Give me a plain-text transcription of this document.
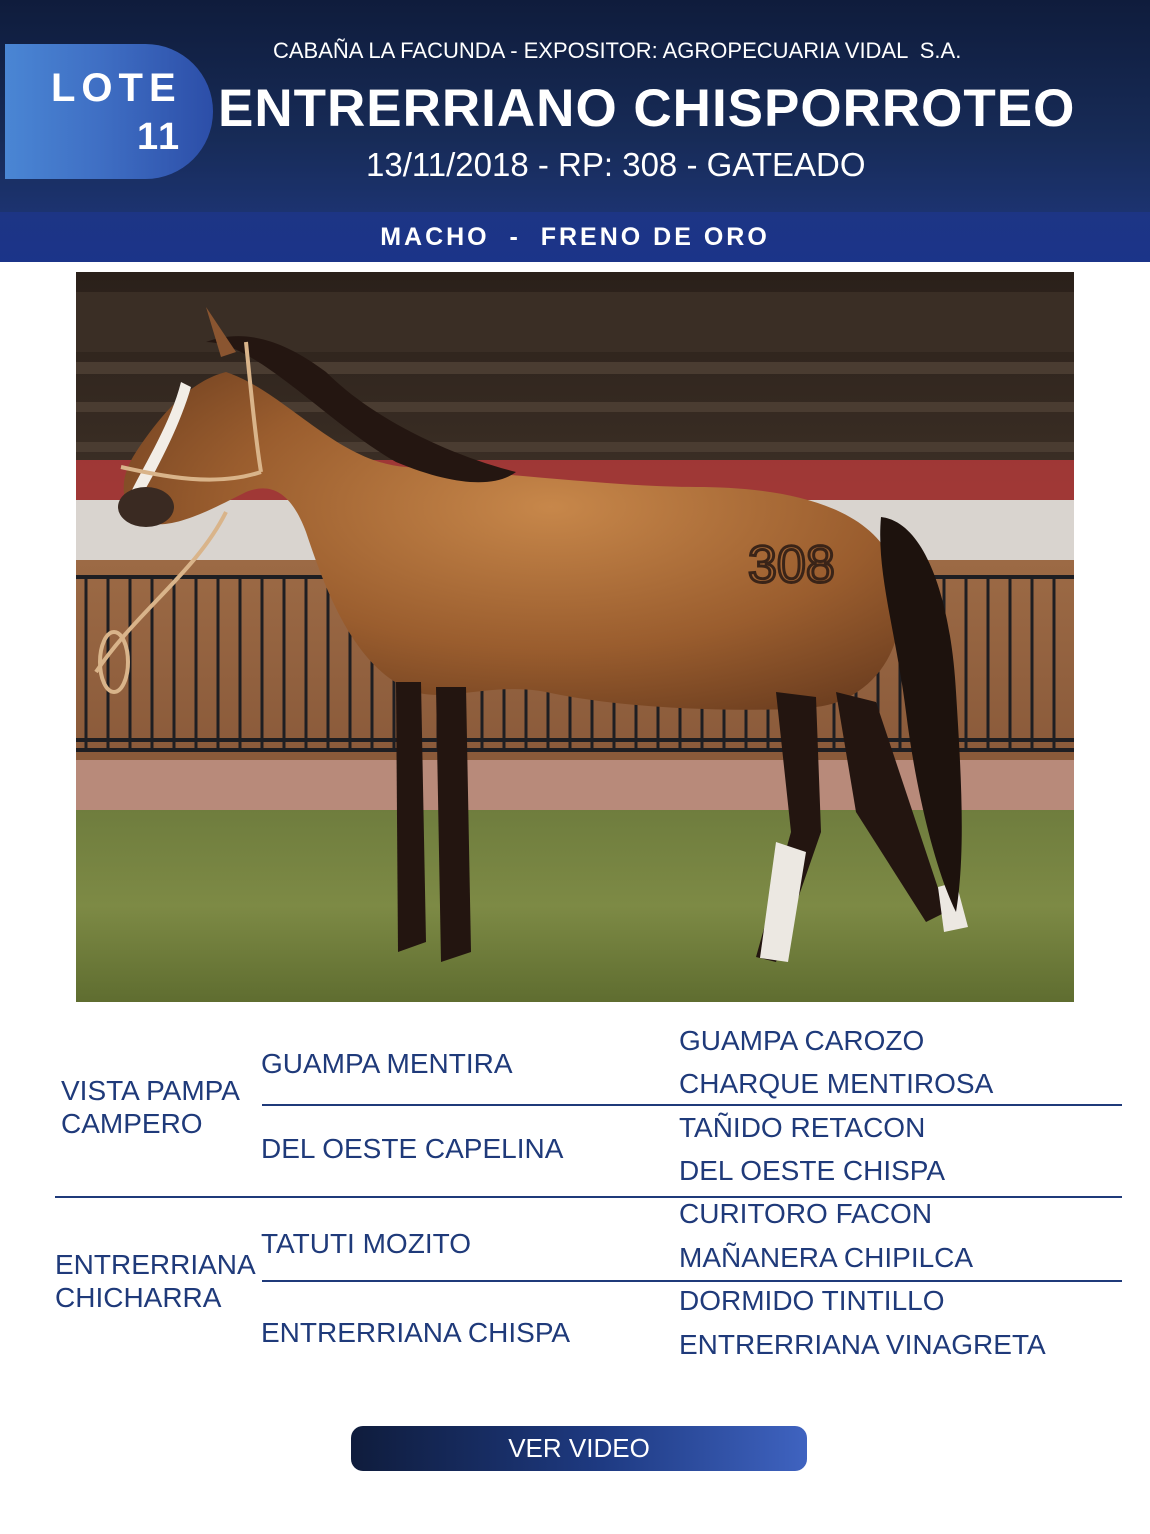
LOTE
11
CABAÑA LA FACUNDA - EXPOSITOR: AGROPECUARIA VIDAL  S.A.
ENTRERRIANO CHISPORROTEO
13/11/2018 - RP: 308 - GATEADO
MACHO  -  FRENO DE ORO
308
VISTA PAMPA
CAMPERO
GUAMPA MENTIRA
DEL OESTE CAPELINA
GUAMPA CAROZO
CHARQUE MENTIROSA
TAÑIDO RETACON
DEL OESTE CHISPA
ENTRERRIANA
CHICHARRA
TATUTI MOZITO
ENTRERRIANA CHISPA
CURITORO FACON
MAÑANERA CHIPILCA
DORMIDO TINTILLO
ENTRERRIANA VINAGRETA
VER VIDEO
